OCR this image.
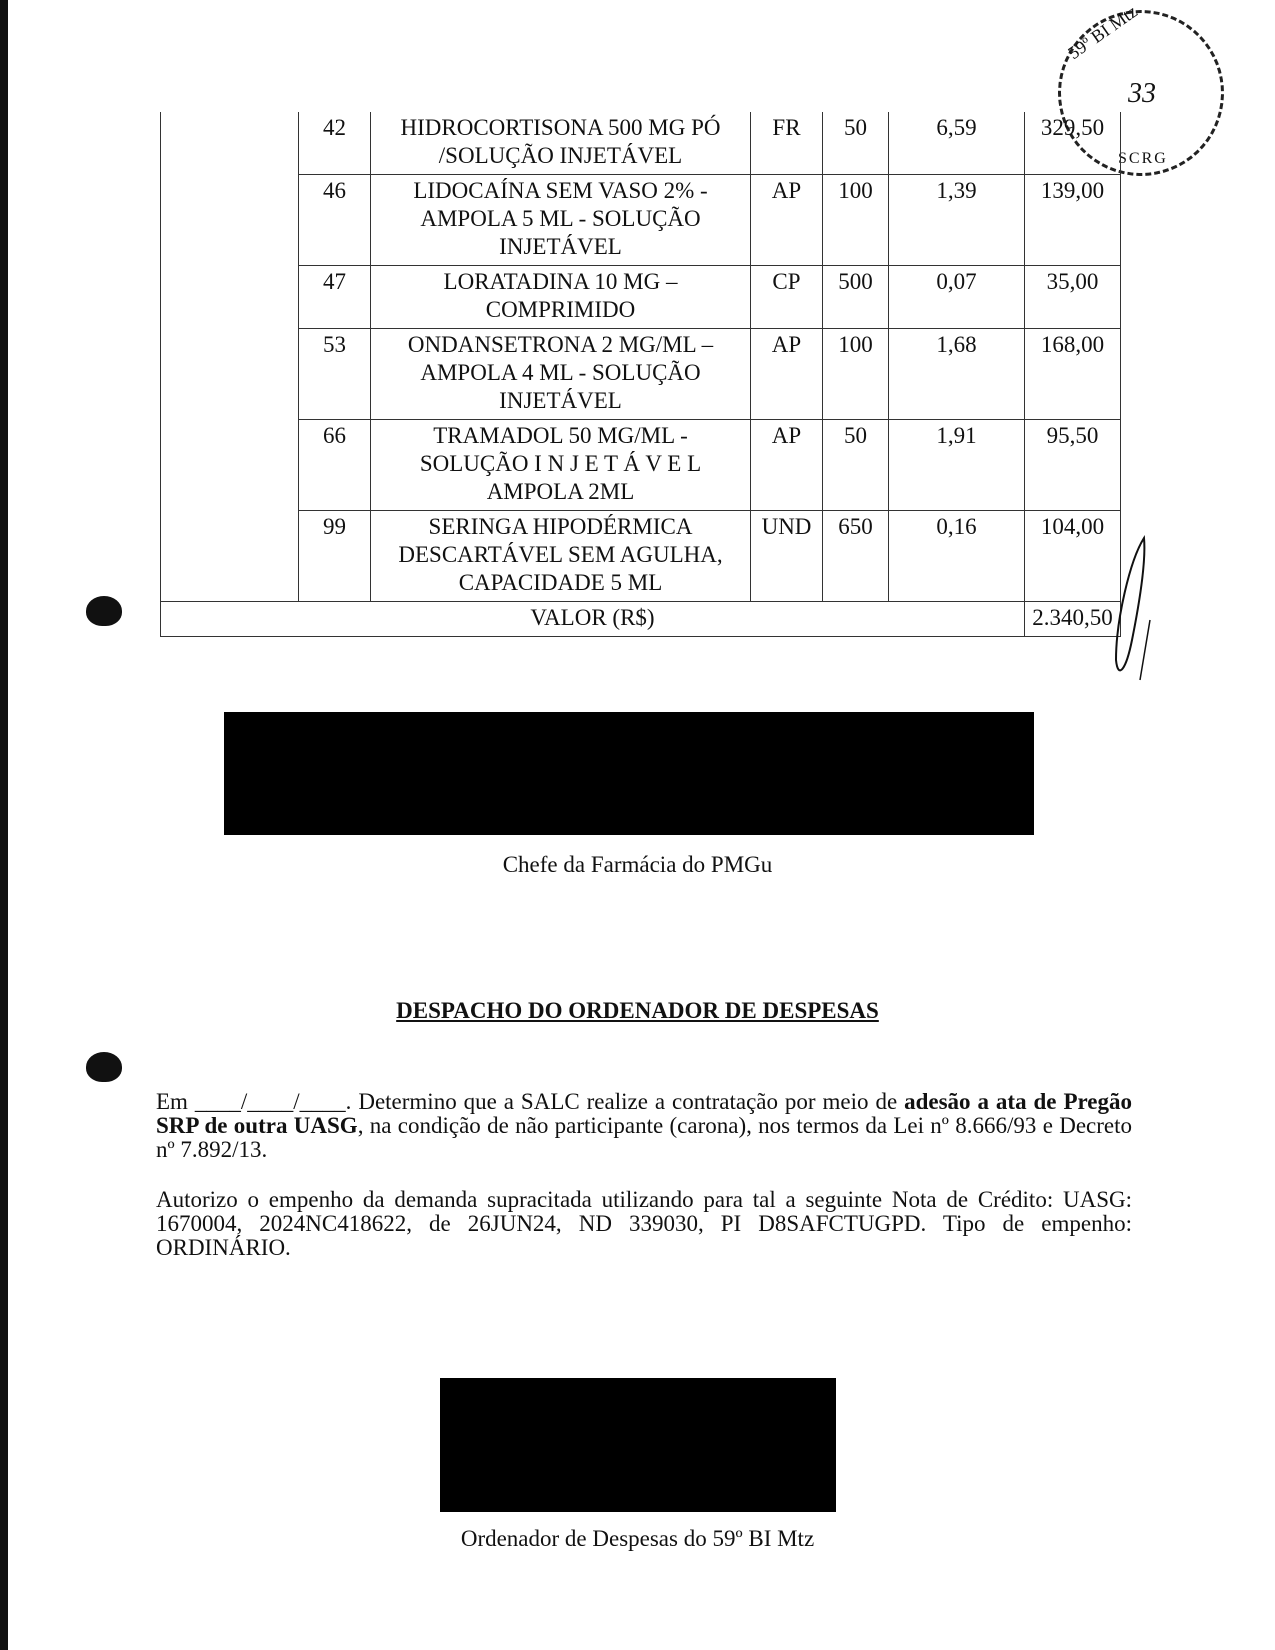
59º BI Mtz
33
SCRG
	42	HIDROCORTISONA 500 MG PÓ
/SOLUÇÃO INJETÁVEL	FR	50	6,59	329,50
	46	LIDOCAÍNA SEM VASO 2% -
AMPOLA 5 ML - SOLUÇÃO
INJETÁVEL	AP	100	1,39	139,00
	47	LORATADINA 10 MG –
COMPRIMIDO	CP	500	0,07	35,00
	53	ONDANSETRONA 2 MG/ML –
AMPOLA 4 ML - SOLUÇÃO
INJETÁVEL	AP	100	1,68	168,00
	66	TRAMADOL 50 MG/ML -
SOLUÇÃO I N J E T Á V E L
AMPOLA 2ML	AP	50	1,91	95,50
	99	SERINGA HIPODÉRMICA
DESCARTÁVEL SEM AGULHA,
CAPACIDADE 5 ML	UND	650	0,16	104,00
VALOR (R$)						2.340,50
Chefe da Farmácia do PMGu
DESPACHO DO ORDENADOR DE DESPESAS
Em ____/____/____. Determino que a SALC realize a contratação por meio de adesão a ata de Pregão SRP de outra UASG, na condição de não participante (carona), nos termos da Lei nº 8.666/93 e Decreto nº 7.892/13.
Autorizo o empenho da demanda supracitada utilizando para tal a seguinte Nota de Crédito: UASG: 1670004, 2024NC418622, de 26JUN24, ND 339030, PI D8SAFCTUGPD. Tipo de empenho: ORDINÁRIO.
Ordenador de Despesas do 59º BI Mtz
